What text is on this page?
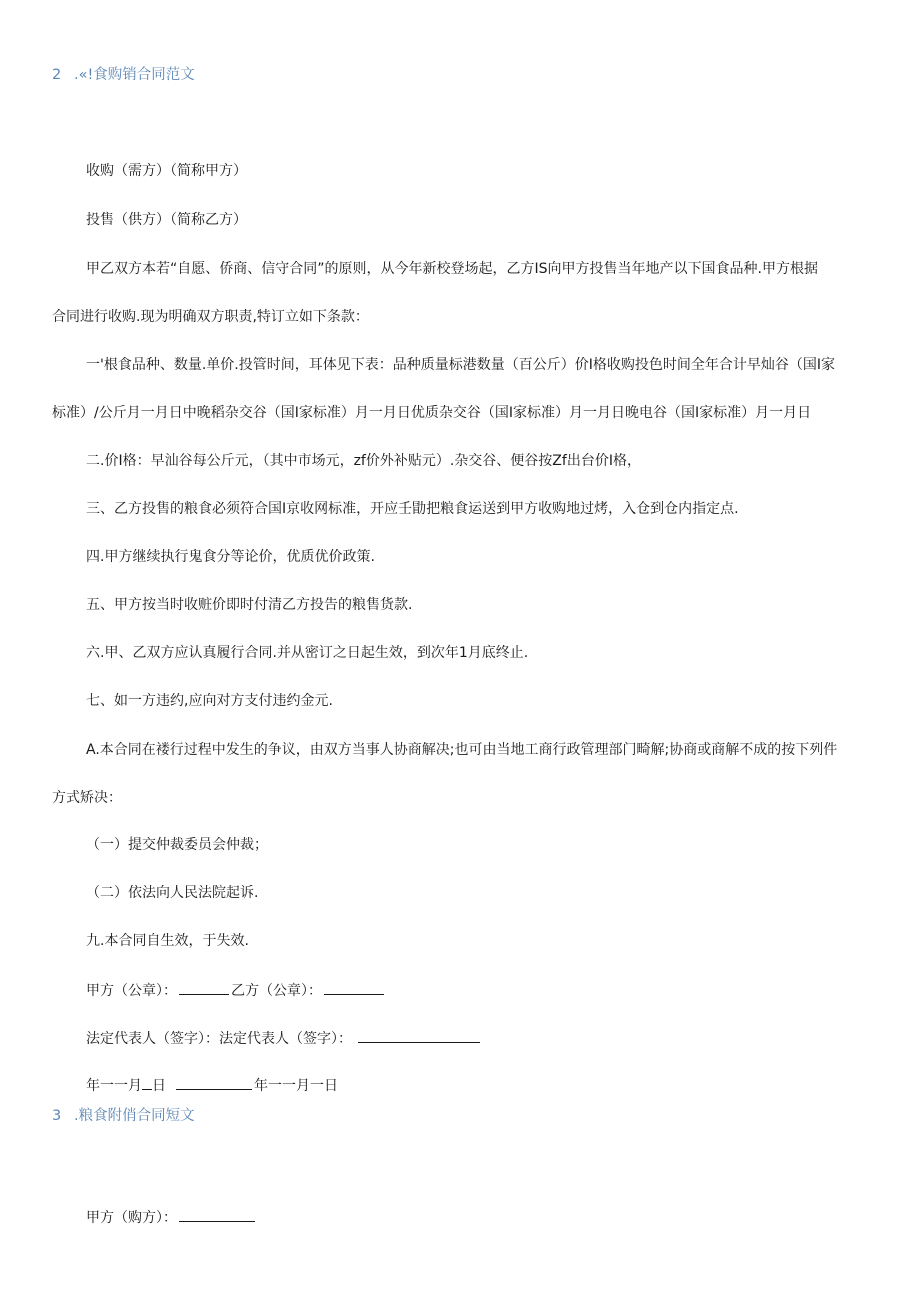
2 .«!食购销合同范文
收购（需方）（简称甲方）
投售（供方）（简称乙方）
甲乙双方本若“自愿、侨商、信守合同”的原则，从今年新校登场起，乙方IS向甲方投售当年地产以下国食品种.甲方根据
合同进行收购.现为明确双方职责,特订立如下条款：
一'根食品种、数量.单价.投管时间，耳体见下表：品种质量标港数量（百公斤）价I格收购投色时间全年合计早灿谷（国I家
标准）/公斤月一月日中晚稻杂交谷（国I家标准）月一月日优质杂交谷（国I家标准）月一月日晚电谷（国I家标准）月一月日
二.价I格：早汕谷每公斤元，（其中市场元，zf价外补贴元）.杂交谷、便谷按Zf出台价I格，
三、乙方投售的粮食必须符合国I京收网标准，开应壬勖把粮食运送到甲方收购地过烤，入仓到仓内指定点.
四.甲方继续执行鬼食分等论价，优质优价政策.
五、甲方按当时收赃价即时付清乙方投告的粮售货款.
六.甲、乙双方应认真履行合同.并从密订之日起生效，到次年1月底终止.
七、如一方违约,应向对方支付违约金元.
A.本合同在褛行过程中发生的争议，由双方当事人协商解决;也可由当地工商行政管理部门畸解;协商或商解不成的按下列件
方式矫决：
（一）提交仲裁委员会仲裁；
（二）依法向人民法院起诉.
九.本合同自生效，于失效.
甲方（公章）：	乙方（公章）：
法定代表人（签字）：法定代表人（签字）：
年一一月 日	年一一月一日
3 .粮食附俏合同短文
甲方（购方）：
